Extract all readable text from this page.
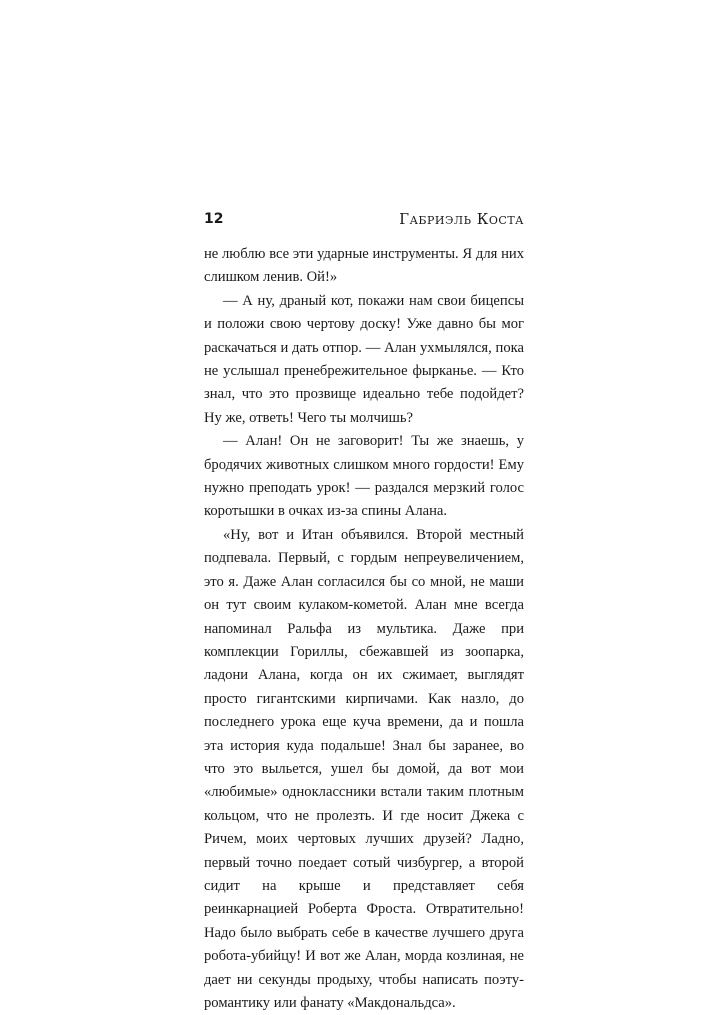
12	Габриэль Коста

не люблю все эти ударные инструменты. Я для них слишком ленив. Ой!»

— А ну, драный кот, покажи нам свои бицепсы и положи свою чертову доску! Уже давно бы мог раскачаться и дать отпор. — Алан ухмылялся, пока не услышал пренебрежительное фырканье. — Кто знал, что это прозвище идеально тебе подойдет? Ну же, ответь! Чего ты молчишь?

— Алан! Он не заговорит! Ты же знаешь, у бродячих животных слишком много гордости! Ему нужно преподать урок! — раздался мерзкий голос коротышки в очках из-за спины Алана.

«Ну, вот и Итан объявился. Второй местный подпевала. Первый, с гордым непреувеличением, это я. Даже Алан согласился бы со мной, не маши он тут своим кулаком-кометой. Алан мне всегда напоминал Ральфа из мультика. Даже при комплекции Гориллы, сбежавшей из зоопарка, ладони Алана, когда он их сжимает, выглядят просто гигантскими кирпичами. Как назло, до последнего урока еще куча времени, да и пошла эта история куда подальше! Знал бы заранее, во что это выльется, ушел бы домой, да вот мои «любимые» одноклассники встали таким плотным кольцом, что не пролезть. И где носит Джека с Ричем, моих чертовых лучших друзей? Ладно, первый точно поедает сотый чизбургер, а второй сидит на крыше и представляет себя реинкарнацией Роберта Фроста. Отвратительно! Надо было выбрать себе в качестве лучшего друга робота-убийцу! И вот же Алан, морда козлиная, не дает ни секунды продыху, чтобы написать поэту-романтику или фанату «Макдональдса».
